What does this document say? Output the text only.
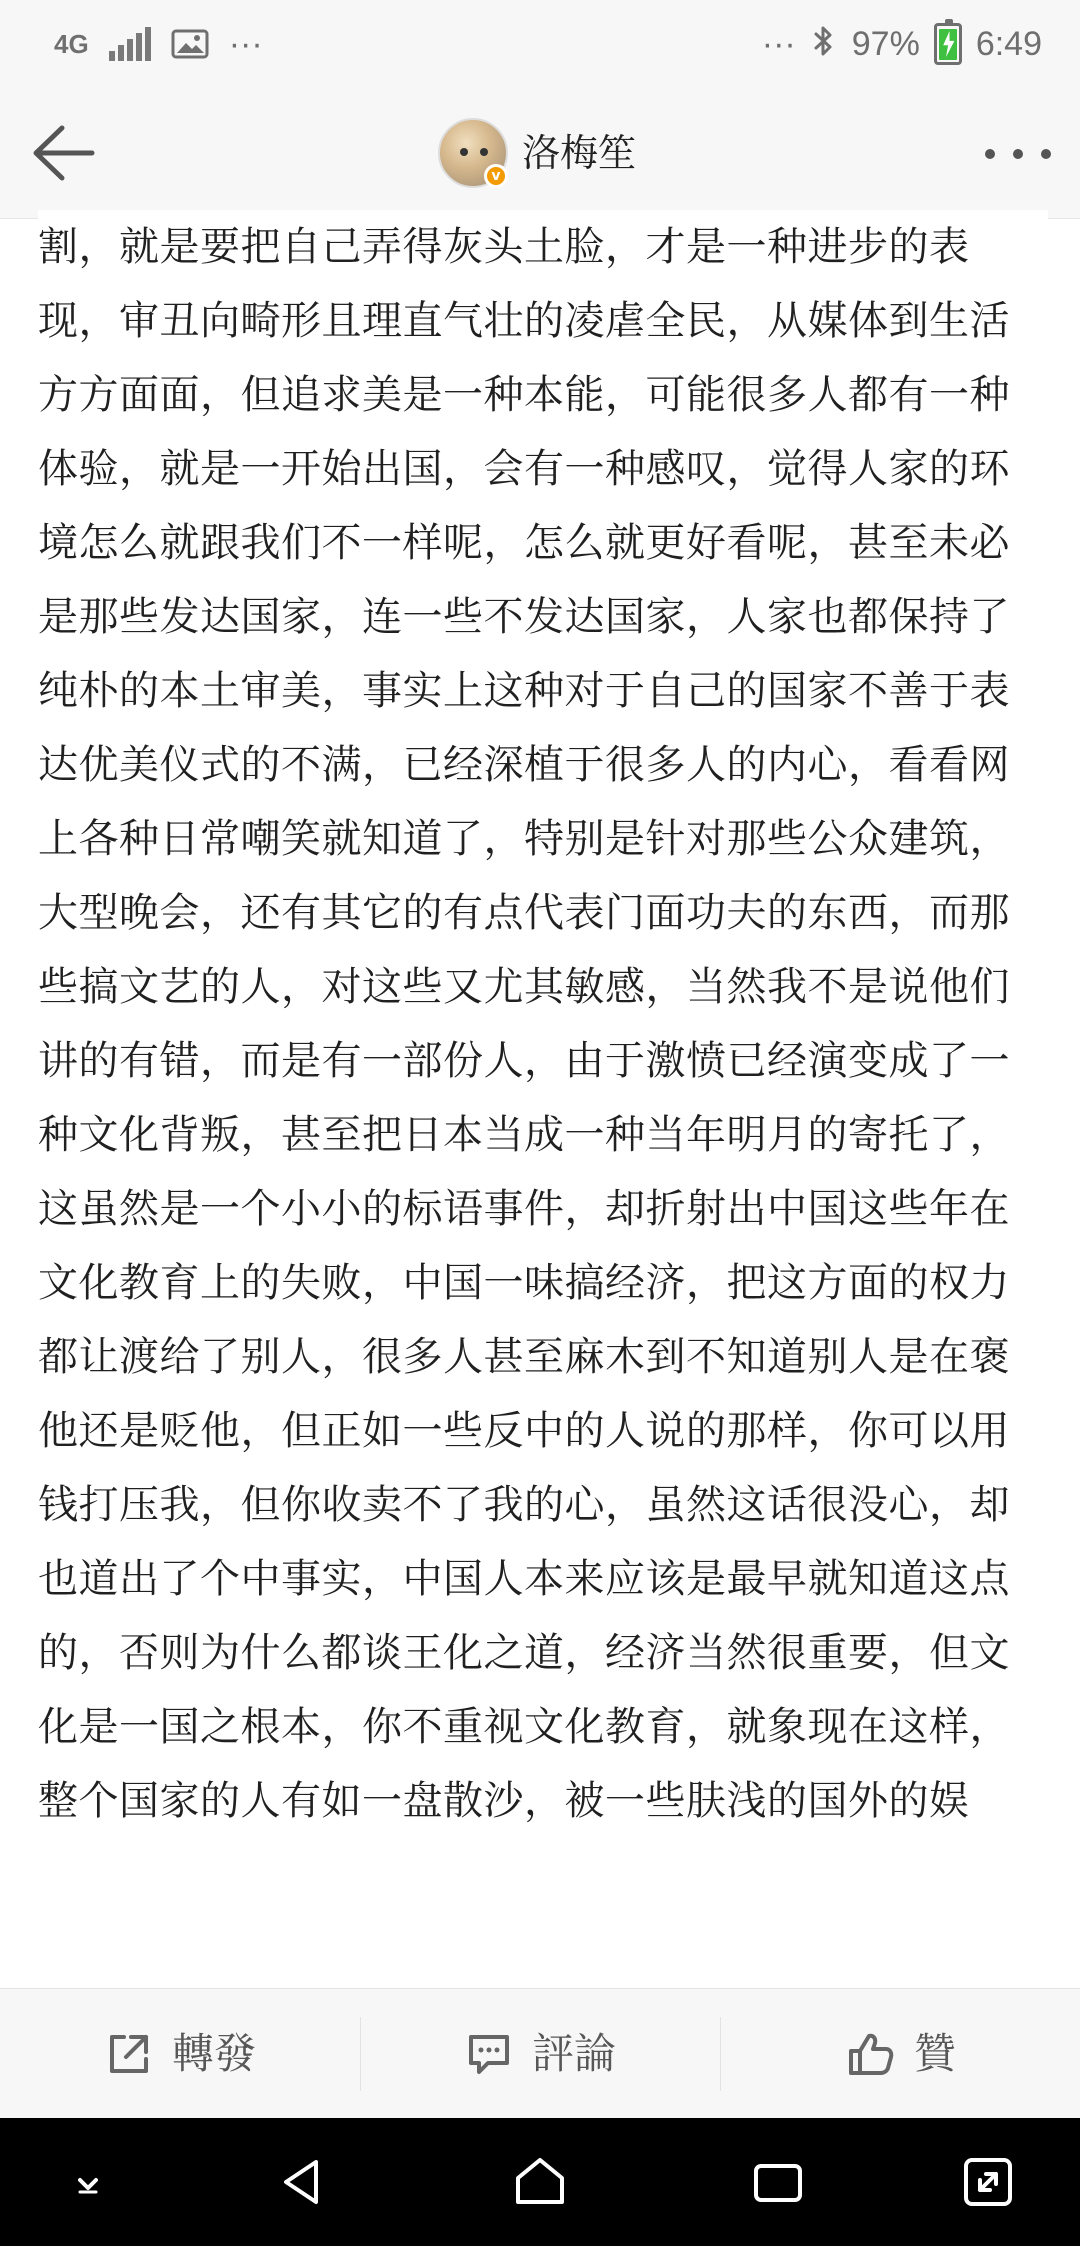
4G	···	··· 97% 6:49
v
洛梅笙

割，就是要把自己弄得灰头土脸，才是一种进步的表现，审丑向畸形且理直气壮的凌虐全民，从媒体到生活方方面面，但追求美是一种本能，可能很多人都有一种体验，就是一开始出国，会有一种感叹，觉得人家的环境怎么就跟我们不一样呢，怎么就更好看呢，甚至未必是那些发达国家，连一些不发达国家，人家也都保持了纯朴的本土审美，事实上这种对于自己的国家不善于表达优美仪式的不满，已经深植于很多人的内心，看看网上各种日常嘲笑就知道了，特别是针对那些公众建筑，大型晚会，还有其它的有点代表门面功夫的东西，而那些搞文艺的人，对这些又尤其敏感，当然我不是说他们讲的有错，而是有一部份人，由于激愤已经演变成了一种文化背叛，甚至把日本当成一种当年明月的寄托了，这虽然是一个小小的标语事件，却折射出中国这些年在文化教育上的失败，中国一味搞经济，把这方面的权力都让渡给了别人，很多人甚至麻木到不知道别人是在褒他还是贬他，但正如一些反中的人说的那样，你可以用钱打压我，但你收卖不了我的心，虽然这话很没心，却也道出了个中事实，中国人本来应该是最早就知道这点的，否则为什么都谈王化之道，经济当然很重要，但文化是一国之根本，你不重视文化教育，就象现在这样，整个国家的人有如一盘散沙，被一些肤浅的国外的娱

轉發	評論	贊
